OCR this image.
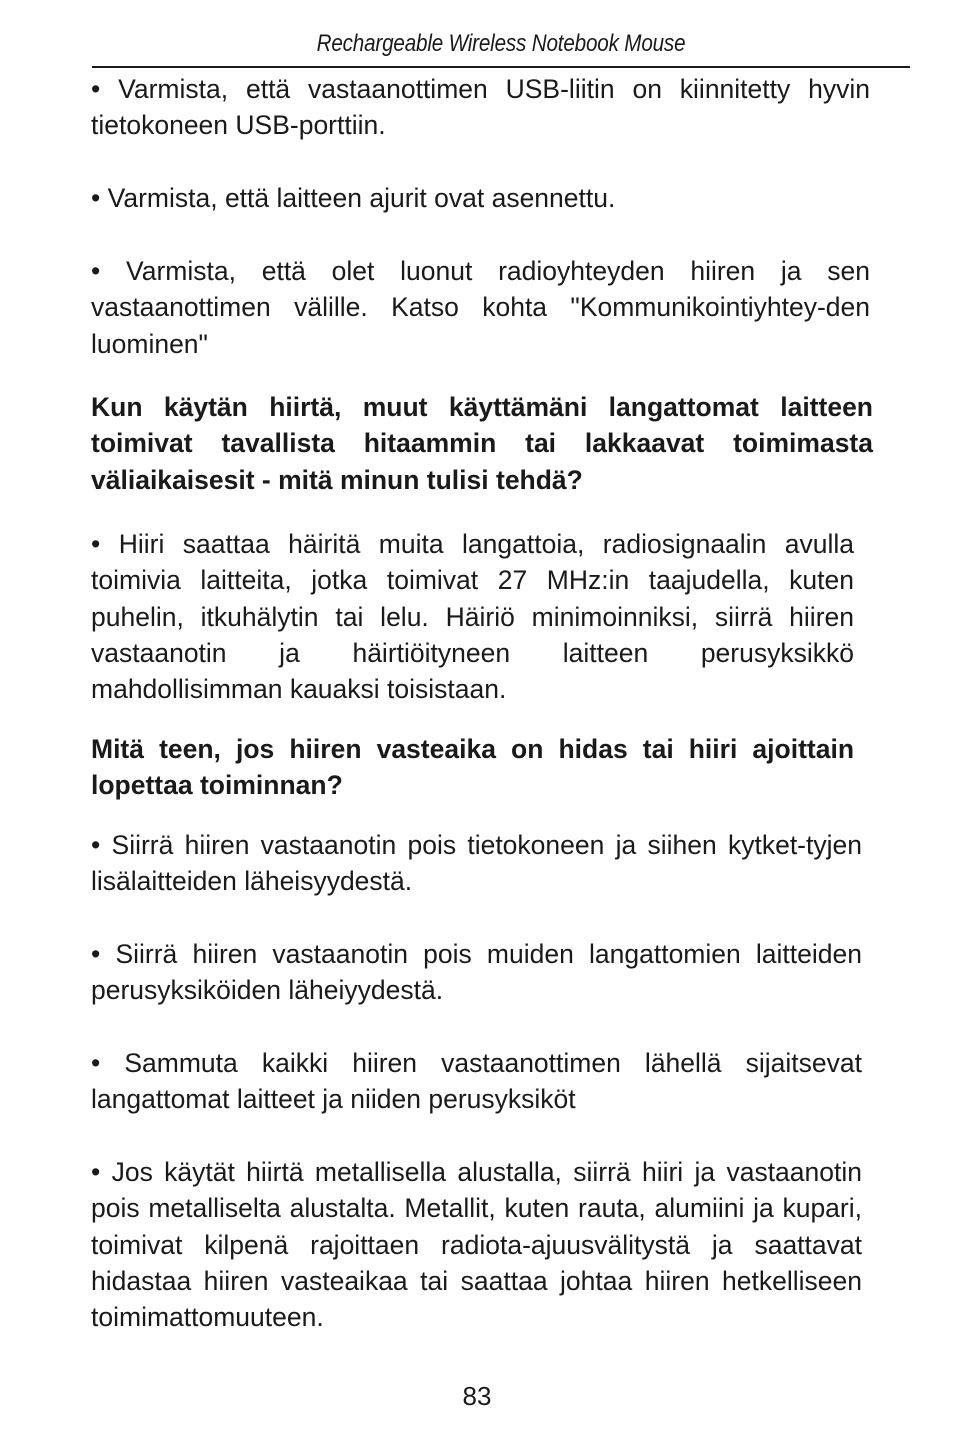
Rechargeable Wireless Notebook Mouse

• Varmista, että vastaanottimen USB-liitin on kiinnitetty hyvin tietokoneen USB-porttiin.

• Varmista, että laitteen ajurit ovat asennettu.

• Varmista, että olet luonut radioyhteyden hiiren ja sen vastaanottimen välille. Katso kohta "Kommunikointiyhtey-den luominen"

Kun käytän hiirtä, muut käyttämäni langattomat laitteen toimivat tavallista hitaammin tai lakkaavat toimimasta väliaikaisesit - mitä minun tulisi tehdä?

• Hiiri saattaa häiritä muita langattoia, radiosignaalin avulla toimivia laitteita, jotka toimivat 27 MHz:in taajudella, kuten puhelin, itkuhälytin tai lelu. Häiriö minimoinniksi, siirrä hiiren vastaanotin ja häirtiöityneen laitteen perusyksikkö mahdollisimman kauaksi toisistaan.

Mitä teen, jos hiiren vasteaika on hidas tai hiiri ajoittain lopettaa toiminnan?

• Siirrä hiiren vastaanotin pois tietokoneen ja siihen kytket-tyjen lisälaitteiden läheisyydestä.

• Siirrä hiiren vastaanotin pois muiden langattomien laitteiden perusyksiköiden läheiyydestä.

• Sammuta kaikki hiiren vastaanottimen lähellä sijaitsevat langattomat laitteet ja niiden perusyksiköt

• Jos käytät hiirtä metallisella alustalla, siirrä hiiri ja vastaanotin pois metalliselta alustalta. Metallit, kuten rauta, alumiini ja kupari, toimivat kilpenä rajoittaen radiota-ajuusvälitystä ja saattavat hidastaa hiiren vasteaikaa tai saattaa johtaa hiiren hetkelliseen toimimattomuuteen.

83
